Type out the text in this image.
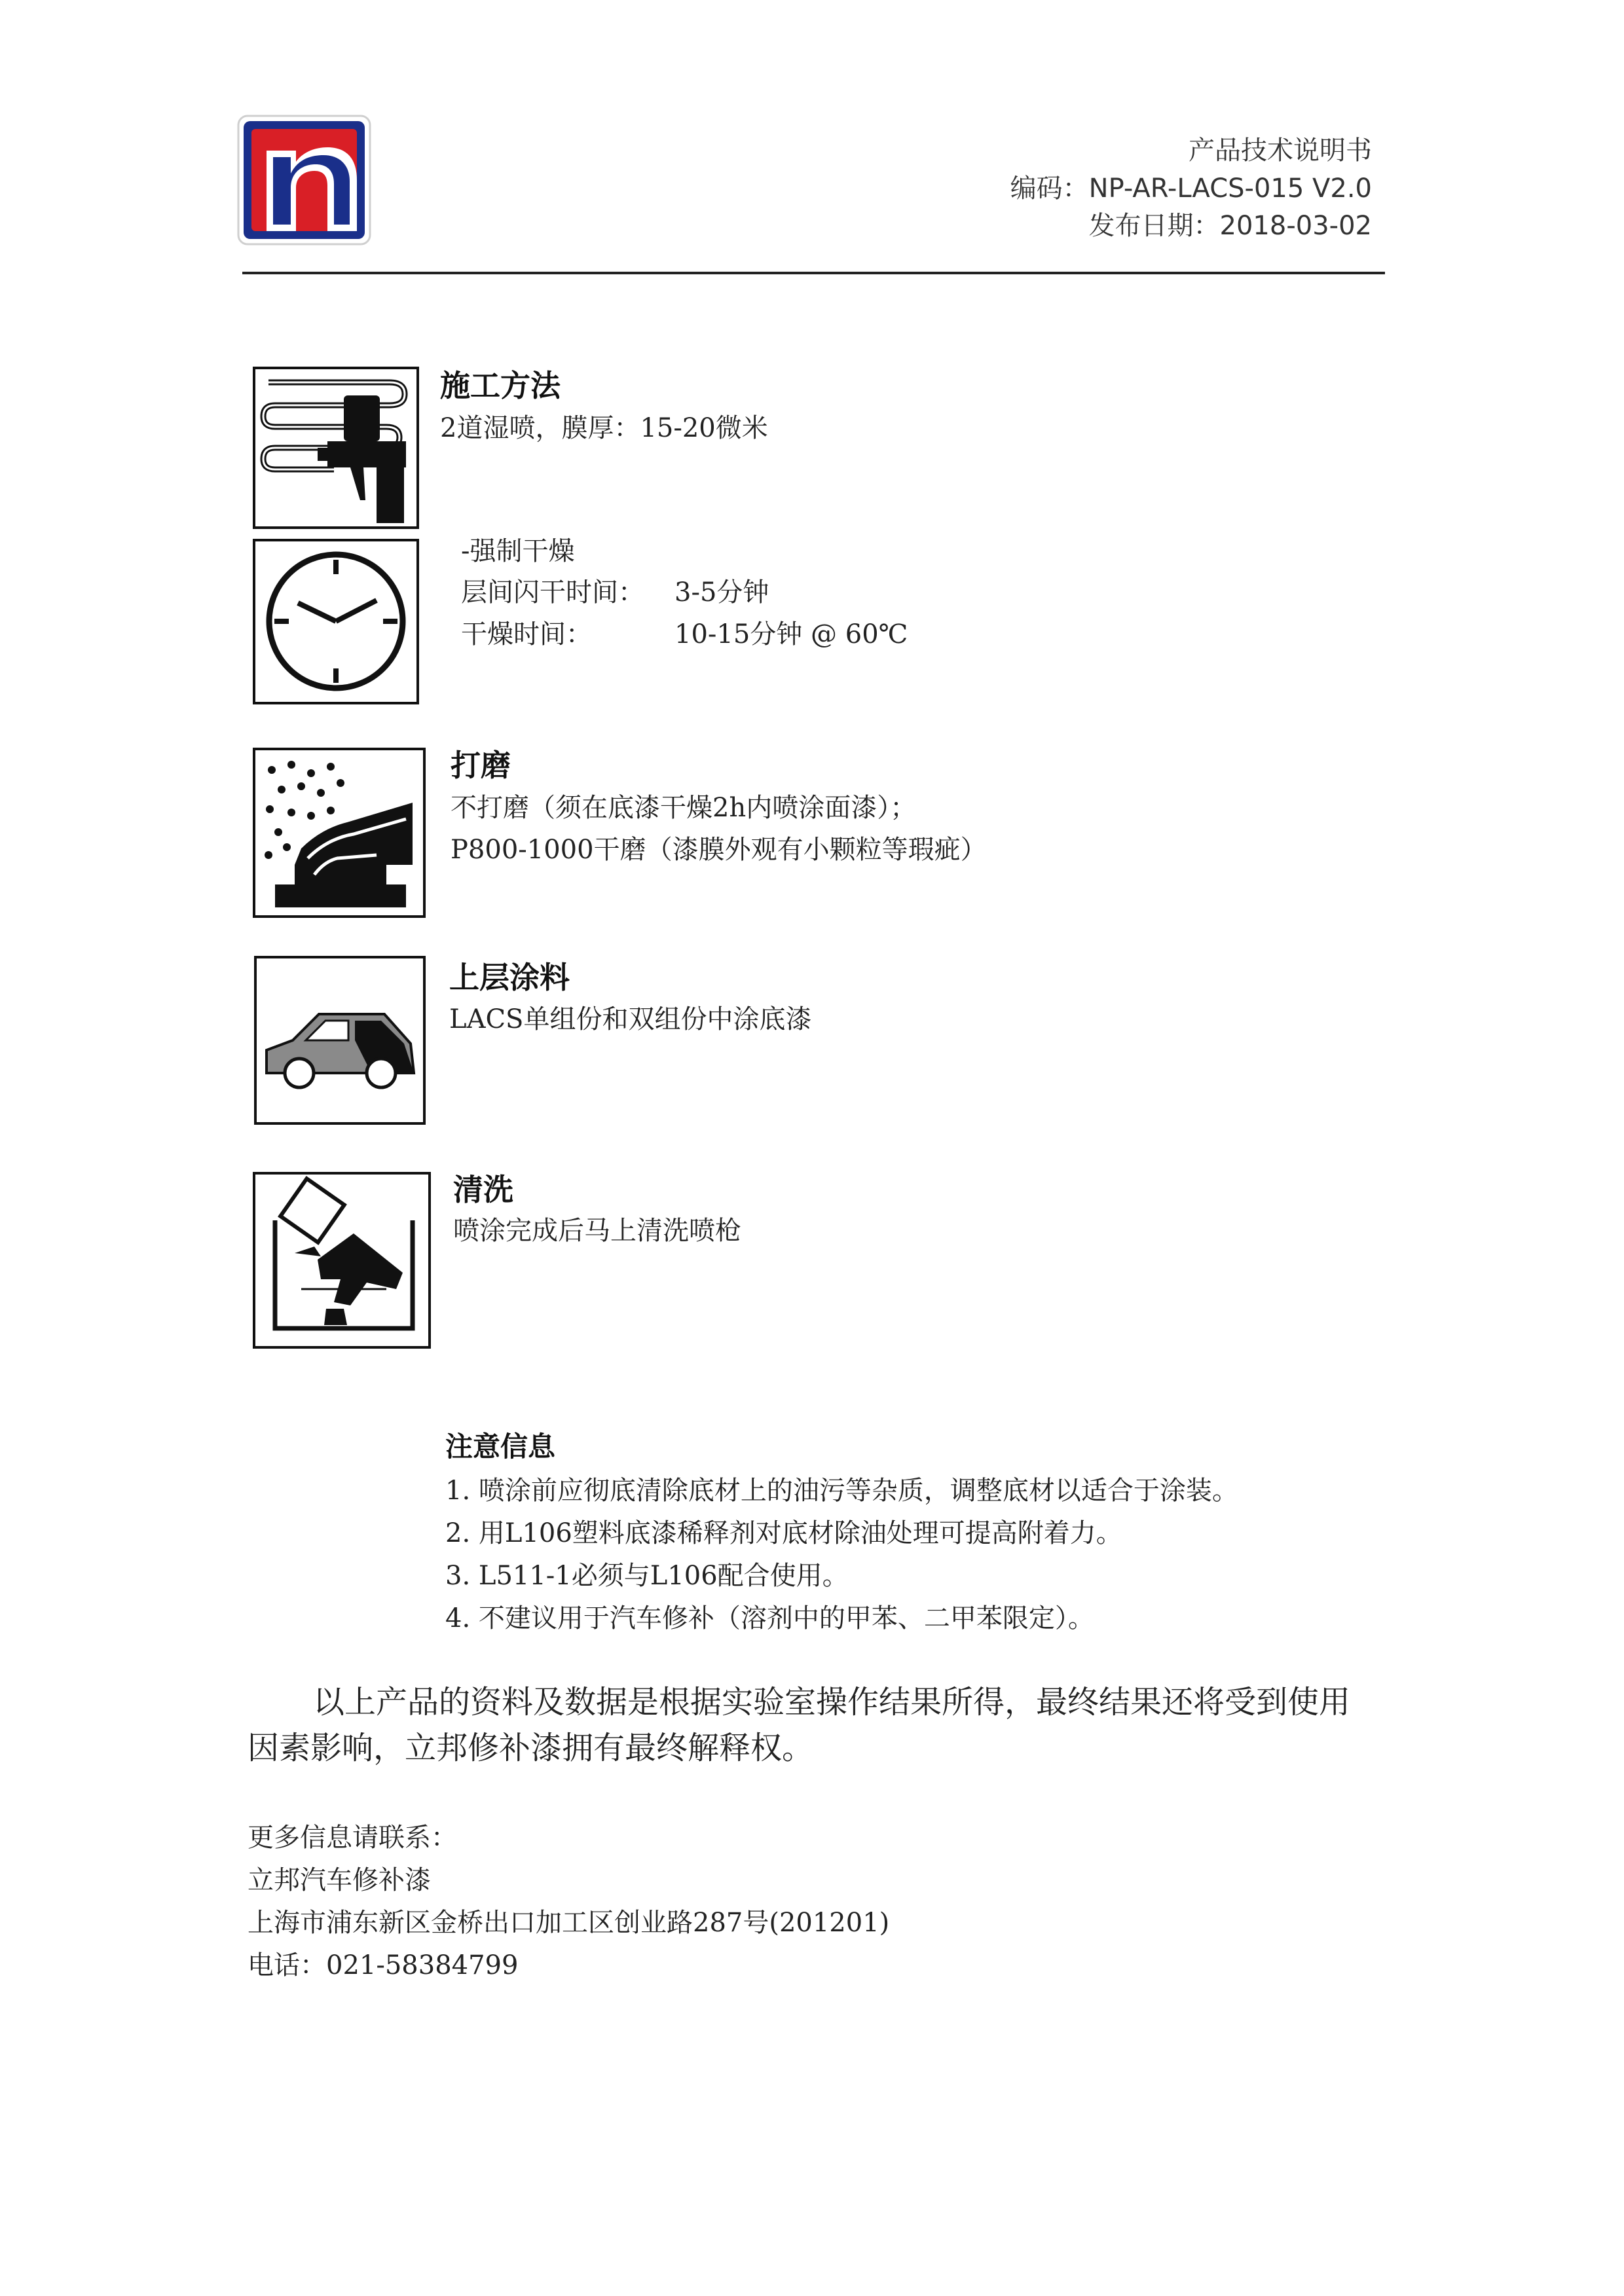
产品技术说明书
编码：NP-AR-LACS-015 V2.0
发布日期：2018-03-02
施工方法
2道湿喷，膜厚：15-20微米
-强制干燥
层间闪干时间： 3-5分钟
干燥时间：	10-15分钟 @ 60℃
打磨
不打磨（须在底漆干燥2h内喷涂面漆）；
P800-1000干磨（漆膜外观有小颗粒等瑕疵）
上层涂料
LACS单组份和双组份中涂底漆
清洗
喷涂完成后马上清洗喷枪
注意信息
1. 喷涂前应彻底清除底材上的油污等杂质，调整底材以适合于涂装。
2. 用L106塑料底漆稀释剂对底材除油处理可提高附着力。
3. L511-1必须与L106配合使用。
4. 不建议用于汽车修补（溶剂中的甲苯、二甲苯限定）。
以上产品的资料及数据是根据实验室操作结果所得，最终结果还将受到使用
因素影响，立邦修补漆拥有最终解释权。
更多信息请联系：
立邦汽车修补漆
上海市浦东新区金桥出口加工区创业路287号(201201)
电话：021-58384799
